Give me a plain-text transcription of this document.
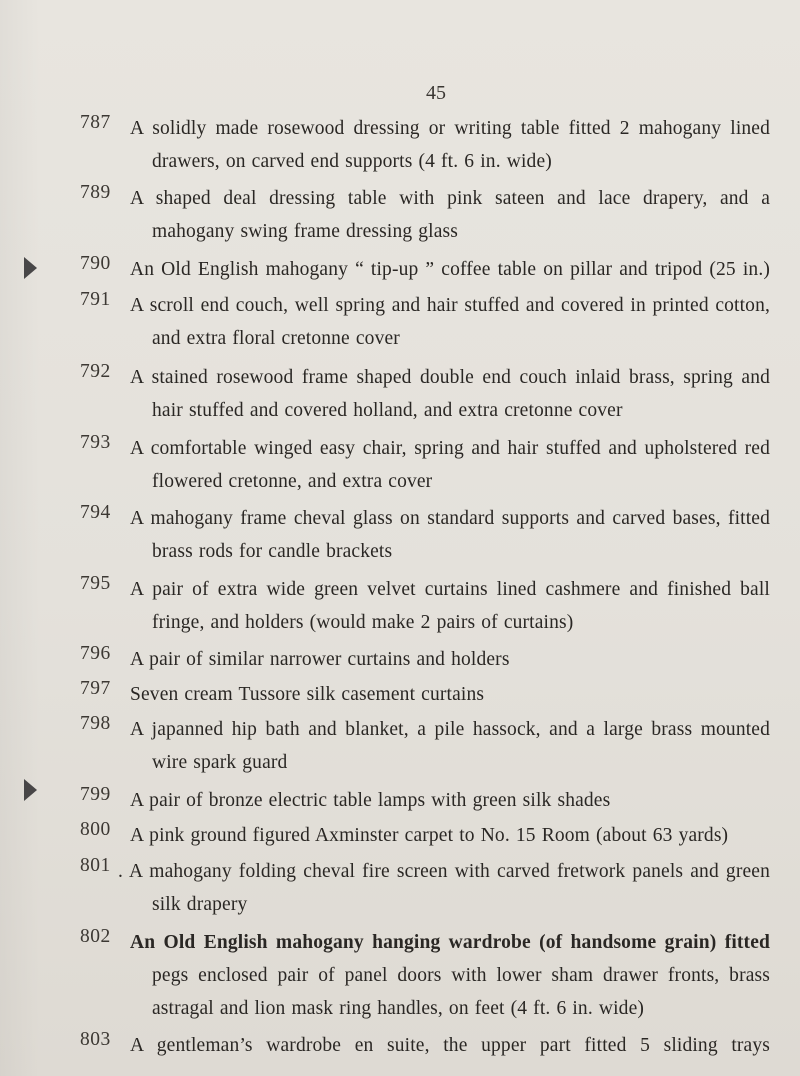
45
787 A solidly made rosewood dressing or writing table fitted 2 mahogany lined
drawers, on carved end supports (4 ft. 6 in. wide)
789 A shaped deal dressing table with pink sateen and lace drapery, and a
mahogany swing frame dressing glass
790 An Old English mahogany “ tip-up ” coffee table on pillar and tripod (25 in.)
791 A scroll end couch, well spring and hair stuffed and covered in printed cotton,
and extra floral cretonne cover
792 A stained rosewood frame shaped double end couch inlaid brass, spring and
hair stuffed and covered holland, and extra cretonne cover
793 A comfortable winged easy chair, spring and hair stuffed and upholstered red
flowered cretonne, and extra cover
794 A mahogany frame cheval glass on standard supports and carved bases, fitted
brass rods for candle brackets
795 A pair of extra wide green velvet curtains lined cashmere and finished ball
fringe, and holders (would make 2 pairs of curtains)
796 A pair of similar narrower curtains and holders
797 Seven cream Tussore silk casement curtains
798 A japanned hip bath and blanket, a pile hassock, and a large brass mounted
wire spark guard
799 A pair of bronze electric table lamps with green silk shades
800 A pink ground figured Axminster carpet to No. 15 Room (about 63 yards)
801 . A mahogany folding cheval fire screen with carved fretwork panels and green
silk drapery
802 An Old English mahogany hanging wardrobe (of handsome grain) fitted
pegs enclosed pair of panel doors with lower sham drawer fronts, brass
astragal and lion mask ring handles, on feet (4 ft. 6 in. wide)
803 A gentleman’s wardrobe en suite, the upper part fitted 5 sliding trays
